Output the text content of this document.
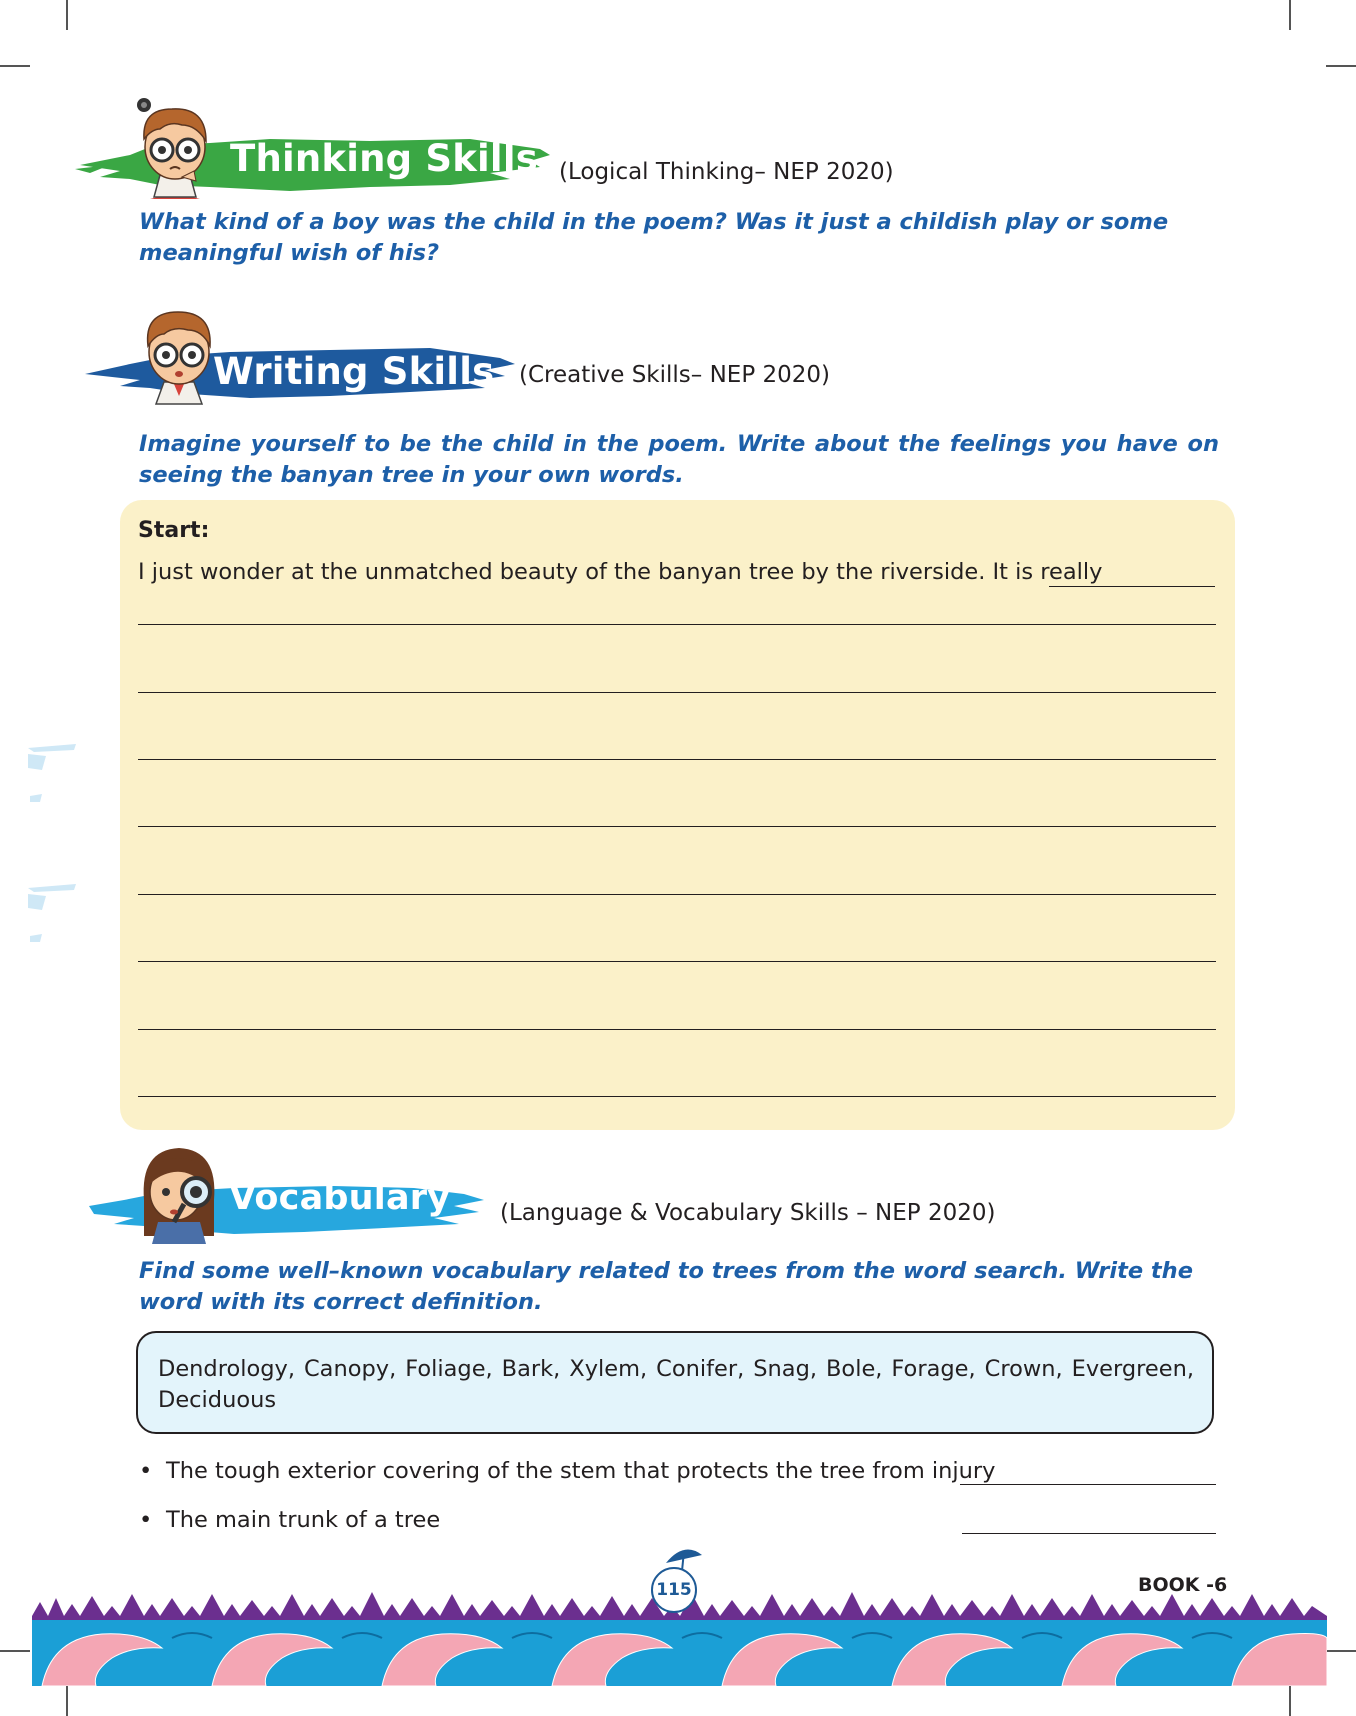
Thinking Skills (Logical Thinking– NEP 2020)
What kind of a boy was the child in the poem? Was it just a childish play or some meaningful wish of his?
Writing Skills (Creative Skills– NEP 2020)
Imagine yourself to be the child in the poem. Write about the feelings you have on seeing the banyan tree in your own words.
Start:
I just wonder at the unmatched beauty of the banyan tree by the riverside. It is really
Vocabulary (Language & Vocabulary Skills – NEP 2020)
Find some well–known vocabulary related to trees from the word search. Write the word with its correct definition.
Dendrology, Canopy, Foliage, Bark, Xylem, Conifer, Snag, Bole, Forage, Crown, Evergreen, Deciduous
• The tough exterior covering of the stem that protects the tree from injury
• The main trunk of a tree
115	BOOK -6
